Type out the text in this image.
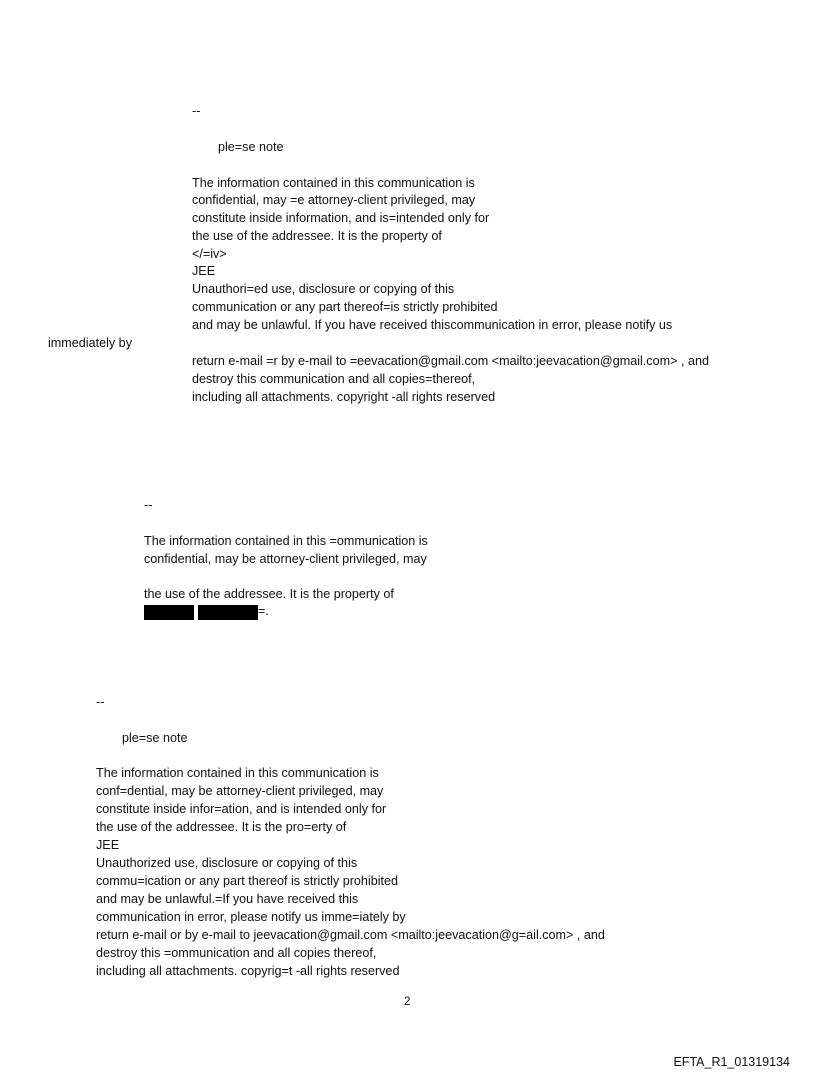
--
ple=se note
The information contained in this communication is
confidential, may =e attorney-client privileged, may
constitute inside information, and is=intended only for
the use of the addressee. It is the property of
</=iv>
JEE
Unauthori=ed use, disclosure or copying of this
communication or any part thereof=is strictly prohibited
and may be unlawful. If you have received thiscommunication in error, please notify us
immediately by
return e-mail =r by e-mail to =eevacation@gmail.com <mailto:jeevacation@gmail.com> , and
destroy this communication and all copies=thereof,
including all attachments. copyright -all rights reserved
--
The information contained in this =ommunication is
confidential, may be attorney-client privileged, may
the use of the addressee. It is the property of
=.
--
ple=se note
The information contained in this communication is
conf=dential, may be attorney-client privileged, may
constitute inside infor=ation, and is intended only for
the use of the addressee. It is the pro=erty of
JEE
Unauthorized use, disclosure or copying of this
commu=ication or any part thereof is strictly prohibited
and may be unlawful.=If you have received this
communication in error, please notify us imme=iately by
return e-mail or by e-mail to jeevacation@gmail.com <mailto:jeevacation@g=ail.com> , and
destroy this =ommunication and all copies thereof,
including all attachments. copyrig=t -all rights reserved
2
EFTA_R1_01319134
